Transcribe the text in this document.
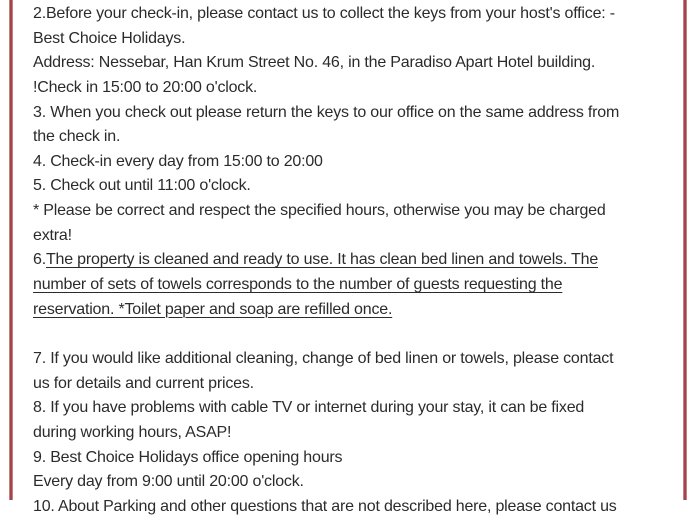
2.Before your check-in, please contact us to collect the keys from your host's office: -
Best Choice Holidays.
Address: Nessebar, Han Krum Street No. 46, in the Paradiso Apart Hotel building.
!Check in 15:00 to 20:00 o'clock.
3. When you check out please return the keys to our office on the same address from
the check in.
4. Check-in every day from 15:00 to 20:00
5. Check out until 11:00 o'clock.
* Please be correct and respect the specified hours, otherwise you may be charged
extra!
6.The property is cleaned and ready to use. It has clean bed linen and towels. The
number of sets of towels corresponds to the number of guests requesting the
reservation. *Toilet paper and soap are refilled once.

7. If you would like additional cleaning, change of bed linen or towels, please contact
us for details and current prices.
8. If you have problems with cable TV or internet during your stay, it can be fixed
during working hours, ASAP!
9. Best Choice Holidays office opening hours
Every day from 9:00 until 20:00 o'clock.
10. About Parking and other questions that are not described here, please contact us
